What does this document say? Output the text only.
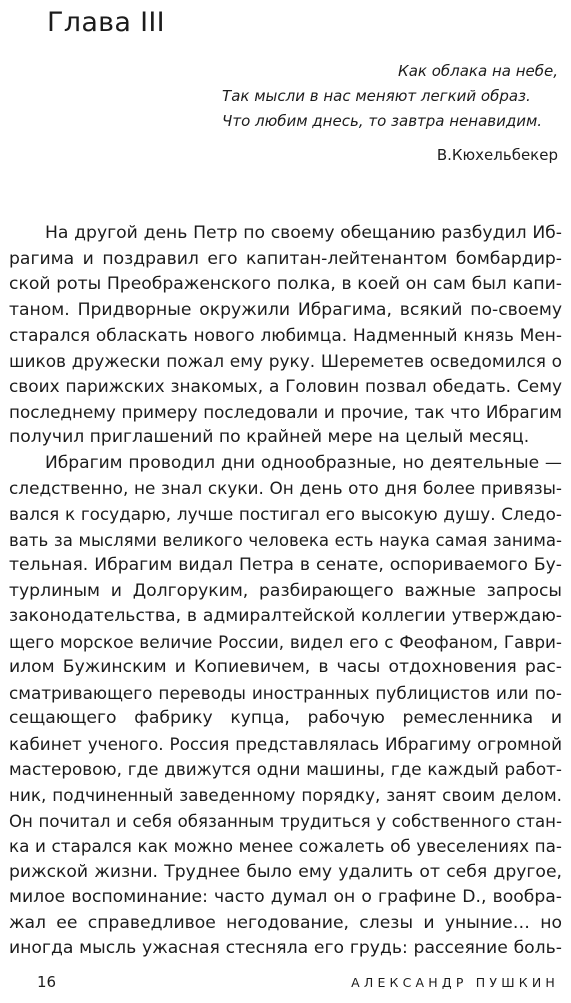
Глава III
Как облака на небе,
Так мысли в нас меняют легкий образ.
Что любим днесь, то завтра ненавидим.
В.Кюхельбекер
На другой день Петр по своему обещанию разбудил Иб-
рагима и поздравил его капитан-лейтенантом бомбардир-
ской роты Преображенского полка, в коей он сам был капи-
таном. Придворные окружили Ибрагима, всякий по-своему
старался обласкать нового любимца. Надменный князь Мен-
шиков дружески пожал ему руку. Шереметев осведомился о
своих парижских знакомых, а Головин позвал обедать. Сему
последнему примеру последовали и прочие, так что Ибрагим
получил приглашений по крайней мере на целый месяц.
Ибрагим проводил дни однообразные, но деятельные —
следственно, не знал скуки. Он день ото дня более привязы-
вался к государю, лучше постигал его высокую душу. Следо-
вать за мыслями великого человека есть наука самая занима-
тельная. Ибрагим видал Петра в сенате, оспориваемого Бу-
турлиным и Долгоруким, разбирающего важные запросы
законодательства, в адмиралтейской коллегии утверждаю-
щего морское величие России, видел его с Феофаном, Гаври-
илом Бужинским и Копиевичем, в часы отдохновения рас-
сматривающего переводы иностранных публицистов или по-
сещающего фабрику купца, рабочую ремесленника и
кабинет ученого. Россия представлялась Ибрагиму огромной
мастеровою, где движутся одни машины, где каждый работ-
ник, подчиненный заведенному порядку, занят своим делом.
Он почитал и себя обязанным трудиться у собственного стан-
ка и старался как можно менее сожалеть об увеселениях па-
рижской жизни. Труднее было ему удалить от себя другое,
милое воспоминание: часто думал он о графине D., вообра-
жал ее справедливое негодование, слезы и уныние… но
иногда мысль ужасная стесняла его грудь: рассеяние боль-
16	АЛЕКСАНДР ПУШКИН
